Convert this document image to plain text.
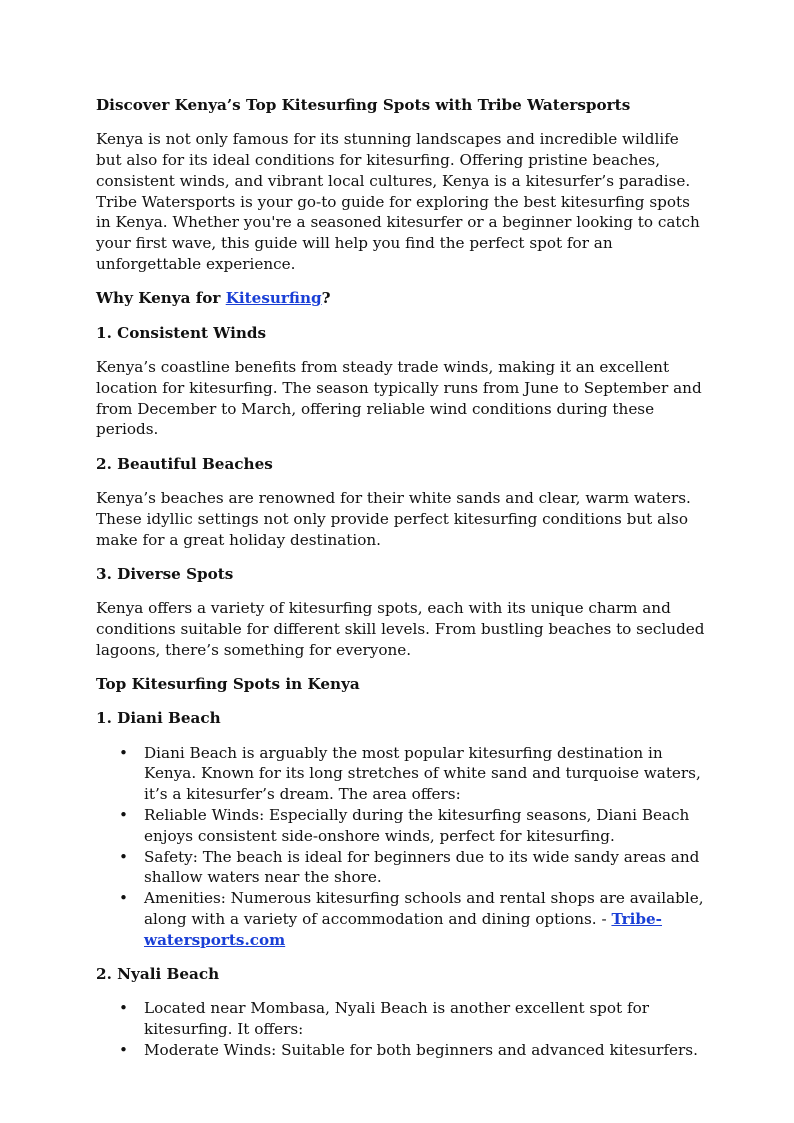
Discover Kenya’s Top Kitesurfing Spots with Tribe Watersports

Kenya is not only famous for its stunning landscapes and incredible wildlife but also for its ideal conditions for kitesurfing. Offering pristine beaches, consistent winds, and vibrant local cultures, Kenya is a kitesurfer’s paradise. Tribe Watersports is your go-to guide for exploring the best kitesurfing spots in Kenya. Whether you're a seasoned kitesurfer or a beginner looking to catch your first wave, this guide will help you find the perfect spot for an unforgettable experience.

Why Kenya for Kitesurfing?
1. Consistent Winds

Kenya’s coastline benefits from steady trade winds, making it an excellent location for kitesurfing. The season typically runs from June to September and from December to March, offering reliable wind conditions during these periods.

2. Beautiful Beaches

Kenya’s beaches are renowned for their white sands and clear, warm waters. These idyllic settings not only provide perfect kitesurfing conditions but also make for a great holiday destination.

3. Diverse Spots

Kenya offers a variety of kitesurfing spots, each with its unique charm and conditions suitable for different skill levels. From bustling beaches to secluded lagoons, there’s something for everyone.

Top Kitesurfing Spots in Kenya
1. Diani Beach
• Diani Beach is arguably the most popular kitesurfing destination in Kenya. Known for its long stretches of white sand and turquoise waters, it’s a kitesurfer’s dream. The area offers:
• Reliable Winds: Especially during the kitesurfing seasons, Diani Beach enjoys consistent side-onshore winds, perfect for kitesurfing.
• Safety: The beach is ideal for beginners due to its wide sandy areas and shallow waters near the shore.
• Amenities: Numerous kitesurfing schools and rental shops are available, along with a variety of accommodation and dining options. - Tribe-watersports.com
2. Nyali Beach
• Located near Mombasa, Nyali Beach is another excellent spot for kitesurfing. It offers:
• Moderate Winds: Suitable for both beginners and advanced kitesurfers.
